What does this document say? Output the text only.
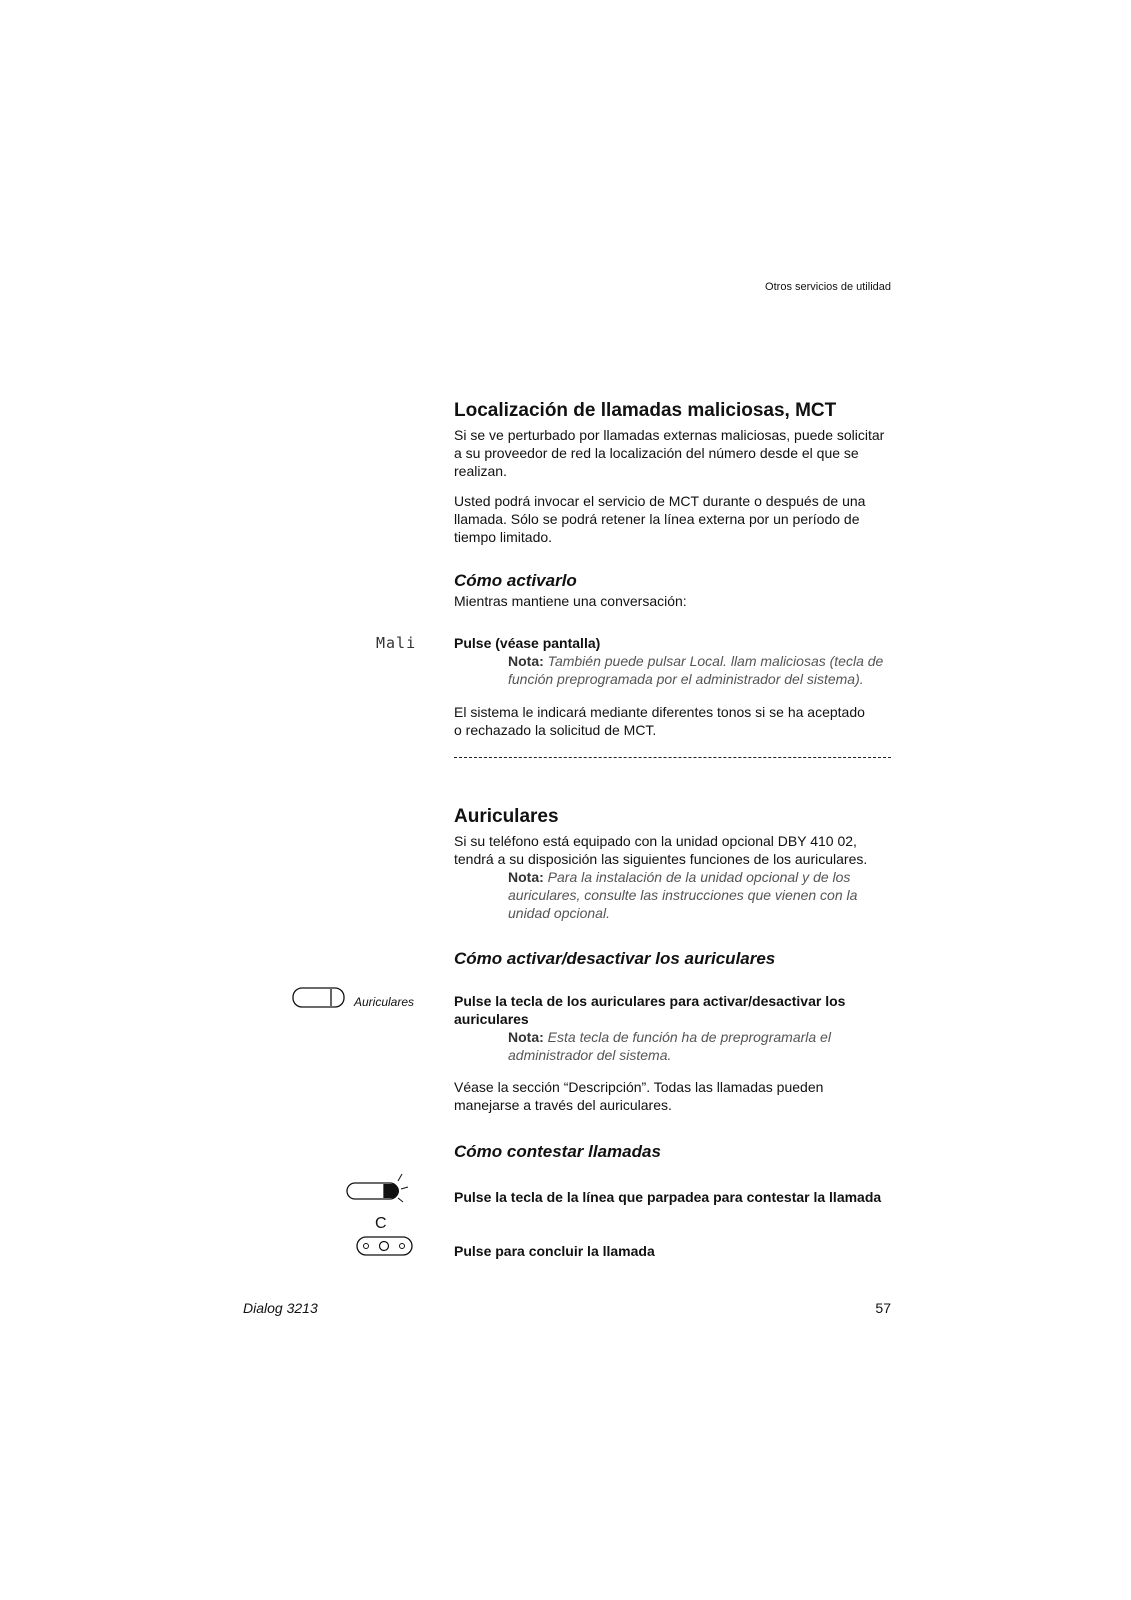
Otros servicios de utilidad
Localización de llamadas maliciosas, MCT

Si se ve perturbado por llamadas externas maliciosas, puede solicitar

a su proveedor de red la localización del número desde el que se

realizan.

Usted podrá invocar el servicio de MCT durante o después de una

llamada. Sólo se podrá retener la línea externa por un período de

tiempo limitado.

Cómo activarlo

Mientras mantiene una conversación:

Mali	Pulse (véase pantalla)

Nota: También puede pulsar Local. llam maliciosas (tecla de
función preprogramada por el administrador del sistema).

El sistema le indicará mediante diferentes tonos si se ha aceptado

o rechazado la solicitud de MCT.

Auriculares

Si su teléfono está equipado con la unidad opcional DBY 410 02,

tendrá a su disposición las siguientes funciones de los auriculares.

Nota: Para la instalación de la unidad opcional y de los
auriculares, consulte las instrucciones que vienen con la
unidad opcional.
Cómo activar/desactivar los auriculares
Auriculares	Pulse la tecla de los auriculares para activar/desactivar los

auriculares

Nota: Esta tecla de función ha de preprogramarla el
administrador del sistema.

Véase la sección “Descripción”. Todas las llamadas pueden

manejarse a través del auriculares.

Cómo contestar llamadas

Pulse la tecla de la línea que parpadea para contestar la llamada

C

Pulse para concluir la llamada

Dialog 3213	57
